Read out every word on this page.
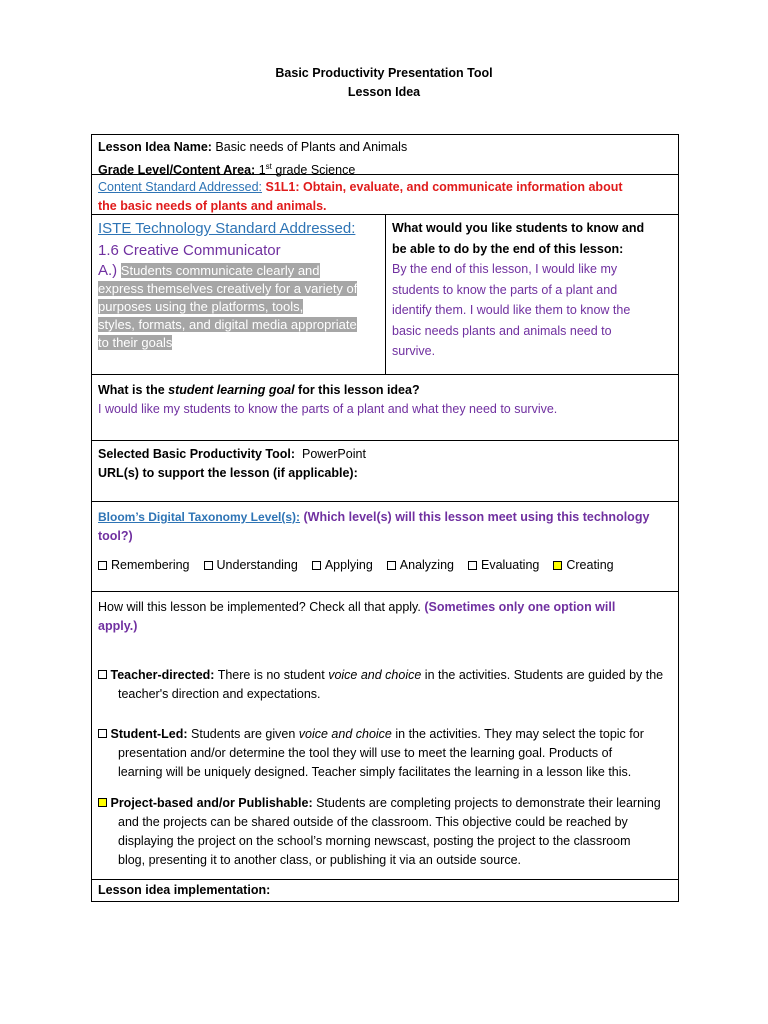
Basic Productivity Presentation Tool
Lesson Idea
Lesson Idea Name: Basic needs of Plants and Animals
Grade Level/Content Area: 1st grade Science
Content Standard Addressed: S1L1: Obtain, evaluate, and communicate information about
the basic needs of plants and animals.
ISTE Technology Standard Addressed:
1.6 Creative Communicator
A.) Students communicate clearly and
express themselves creatively for a variety of
purposes using the platforms, tools,
styles, formats, and digital media appropriate
to their goals
What would you like students to know and
be able to do by the end of this lesson:
By the end of this lesson, I would like my
students to know the parts of a plant and
identify them. I would like them to know the
basic needs plants and animals need to
survive.
What is the student learning goal for this lesson idea?
I would like my students to know the parts of a plant and what they need to survive.
Selected Basic Productivity Tool: PowerPoint
URL(s) to support the lesson (if applicable):
Bloom’s Digital Taxonomy Level(s): (Which level(s) will this lesson meet using this technology
tool?)
Remembering Understanding Applying Analyzing Evaluating Creating
How will this lesson be implemented? Check all that apply. (Sometimes only one option will
apply.)
Teacher-directed: There is no student voice and choice in the activities. Students are guided by the
teacher's direction and expectations.
Student-Led: Students are given voice and choice in the activities. They may select the topic for
presentation and/or determine the tool they will use to meet the learning goal. Products of
learning will be uniquely designed. Teacher simply facilitates the learning in a lesson like this.
Project-based and/or Publishable: Students are completing projects to demonstrate their learning
and the projects can be shared outside of the classroom. This objective could be reached by
displaying the project on the school’s morning newscast, posting the project to the classroom
blog, presenting it to another class, or publishing it via an outside source.
Lesson idea implementation:
